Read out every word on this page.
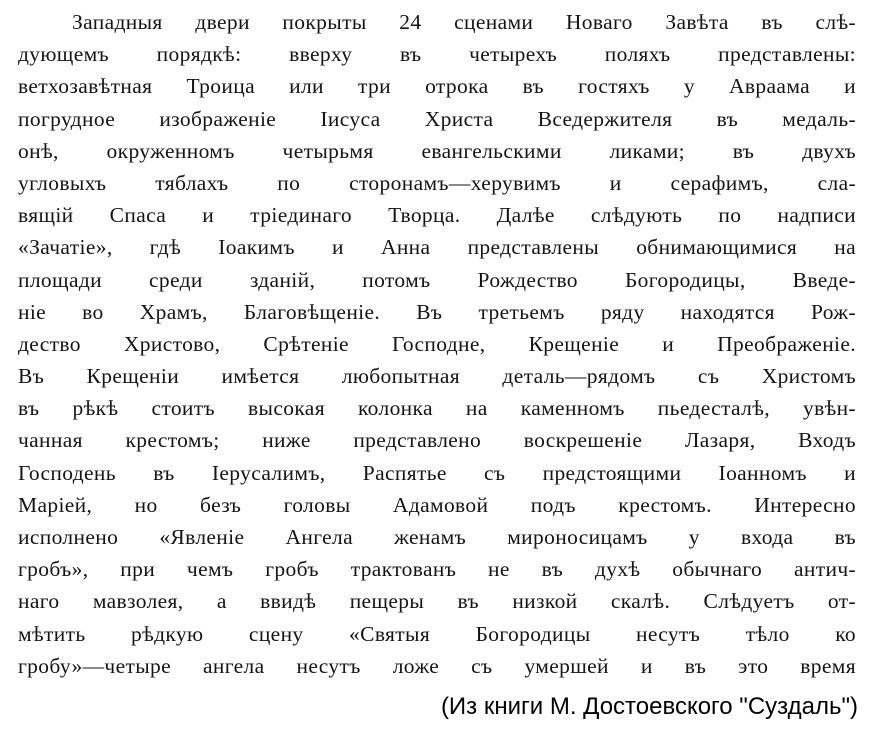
Западныя двери покрыты 24 сценами Новаго Завѣта въ слѣ-
дующемъ порядкѣ: вверху въ четырехъ поляхъ представлены:
ветхозавѣтная Троица или три отрока въ гостяхъ у Авраама и
погрудное изображенiе Iисуса Христа Вседержителя въ медаль-
онѣ, окруженномъ четырьмя евангельскими ликами; въ двухъ
угловыхъ тяблахъ по сторонамъ—херувимъ и серафимъ, сла-
вящiй Спаса и трiединаго Творца. Далѣе слѣдують по надписи
«Зачатiе», гдѣ Iоакимъ и Анна представлены обнимающимися на
площади среди зданiй, потомъ Рождество Богородицы, Введе-
нiе во Храмъ, Благовѣщенiе. Въ третьемъ ряду находятся Рож-
дество Христово, Срѣтенiе Господне, Крещенiе и Преображенiе.
Въ Крещенiи имѣется любопытная деталь—рядомъ съ Христомъ
въ рѣкѣ стоитъ высокая колонка на каменномъ пьедесталѣ, увѣн-
чанная крестомъ; ниже представлено воскрешенiе Лазаря, Входъ
Господень въ Iерусалимъ, Распятье съ предстоящими Iоанномъ и
Марiей, но безъ головы Адамовой подъ крестомъ. Интересно
исполнено «Явленiе Ангела женамъ мироносицамъ у входа въ
гробъ», при чемъ гробъ трактованъ не въ духѣ обычнаго антич-
наго мавзолея, а ввидѣ пещеры въ низкой скалѣ. Слѣдуетъ от-
мѣтить рѣдкую сцену «Святыя Богородицы несутъ тѣло ко
гробу»—четыре ангела несутъ ложе съ умершей и въ это время
(Из книги М. Достоевского "Суздаль")
